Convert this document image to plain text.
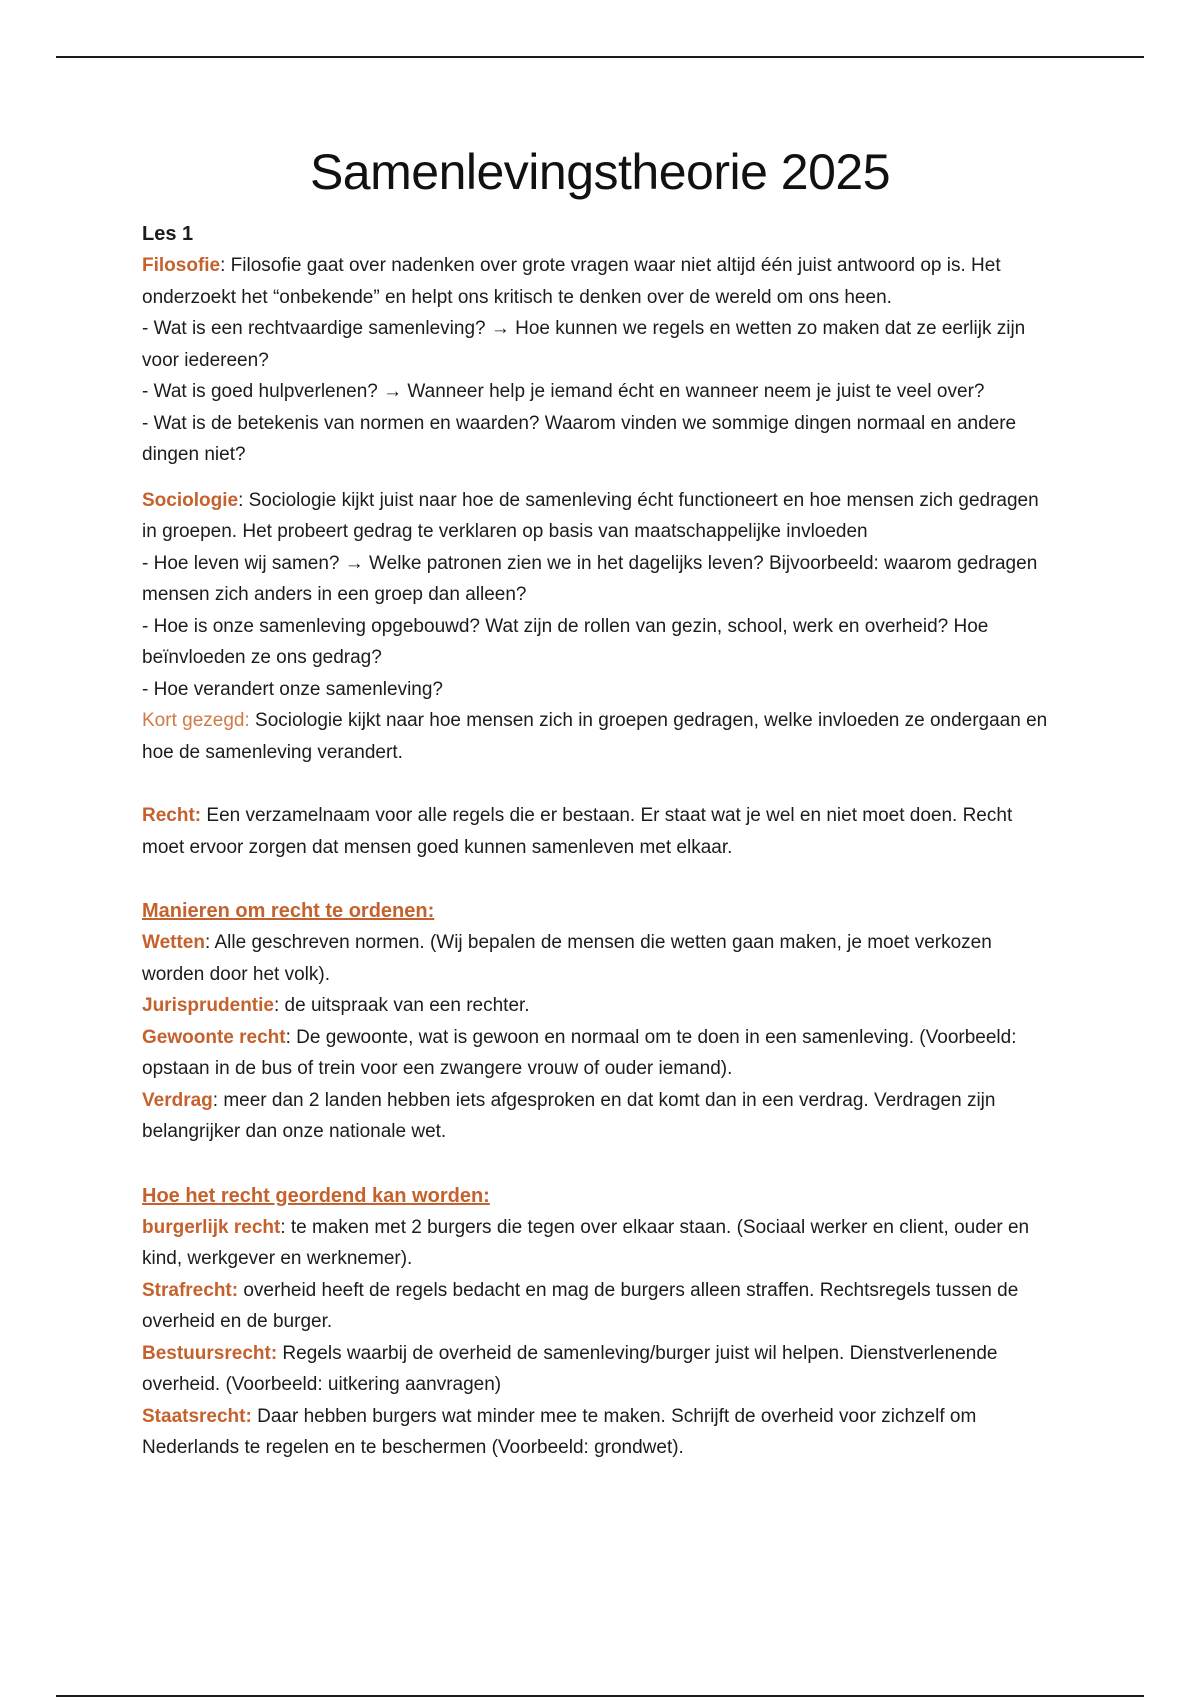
Samenlevingstheorie 2025

Les 1

Filosofie: Filosofie gaat over nadenken over grote vragen waar niet altijd één juist antwoord op is. Het onderzoekt het “onbekende” en helpt ons kritisch te denken over de wereld om ons heen.

- Wat is een rechtvaardige samenleving? → Hoe kunnen we regels en wetten zo maken dat ze eerlijk zijn voor iedereen?

- Wat is goed hulpverlenen? → Wanneer help je iemand écht en wanneer neem je juist te veel over?

- Wat is de betekenis van normen en waarden? Waarom vinden we sommige dingen normaal en andere dingen niet?

Sociologie: Sociologie kijkt juist naar hoe de samenleving écht functioneert en hoe mensen zich gedragen in groepen. Het probeert gedrag te verklaren op basis van maatschappelijke invloeden

- Hoe leven wij samen? → Welke patronen zien we in het dagelijks leven? Bijvoorbeeld: waarom gedragen mensen zich anders in een groep dan alleen?

- Hoe is onze samenleving opgebouwd? Wat zijn de rollen van gezin, school, werk en overheid? Hoe beïnvloeden ze ons gedrag?

- Hoe verandert onze samenleving?

Kort gezegd: Sociologie kijkt naar hoe mensen zich in groepen gedragen, welke invloeden ze ondergaan en hoe de samenleving verandert.

Recht: Een verzamelnaam voor alle regels die er bestaan. Er staat wat je wel en niet moet doen. Recht moet ervoor zorgen dat mensen goed kunnen samenleven met elkaar.

Manieren om recht te ordenen:

Wetten: Alle geschreven normen. (Wij bepalen de mensen die wetten gaan maken, je moet verkozen worden door het volk).

Jurisprudentie: de uitspraak van een rechter.

Gewoonte recht: De gewoonte, wat is gewoon en normaal om te doen in een samenleving. (Voorbeeld: opstaan in de bus of trein voor een zwangere vrouw of ouder iemand).

Verdrag: meer dan 2 landen hebben iets afgesproken en dat komt dan in een verdrag. Verdragen zijn belangrijker dan onze nationale wet.

Hoe het recht geordend kan worden:

burgerlijk recht: te maken met 2 burgers die tegen over elkaar staan. (Sociaal werker en client, ouder en kind, werkgever en werknemer).

Strafrecht: overheid heeft de regels bedacht en mag de burgers alleen straffen. Rechtsregels tussen de overheid en de burger.

Bestuursrecht: Regels waarbij de overheid de samenleving/burger juist wil helpen. Dienstverlenende overheid. (Voorbeeld: uitkering aanvragen)

Staatsrecht: Daar hebben burgers wat minder mee te maken. Schrijft de overheid voor zichzelf om Nederlands te regelen en te beschermen (Voorbeeld: grondwet).
